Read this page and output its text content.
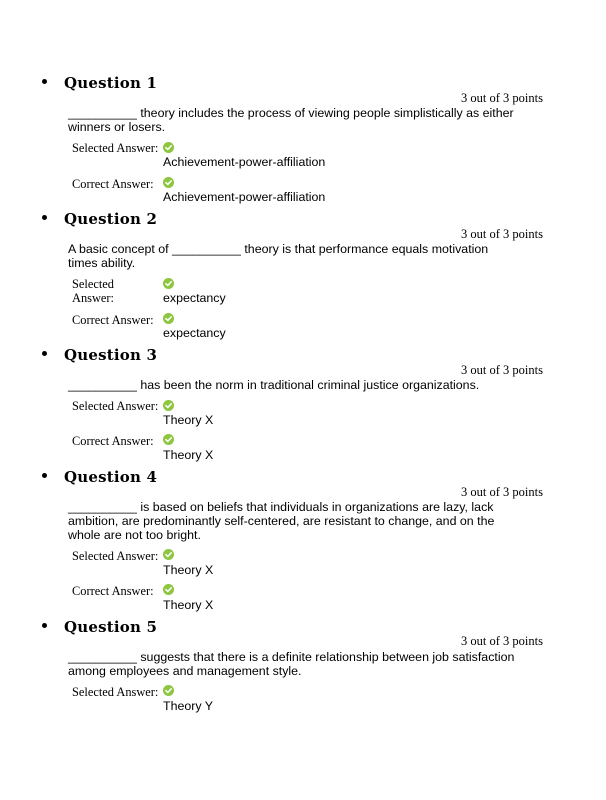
Question 1
3 out of 3 points
__________ theory includes the process of viewing people simplistically as either winners or losers.
Selected Answer:
Achievement-power-affiliation
Correct Answer:
Achievement-power-affiliation
Question 2
3 out of 3 points
A basic concept of __________ theory is that performance equals motivation times ability.
Selected Answer:	expectancy
Correct Answer:
expectancy
Question 3
3 out of 3 points
__________ has been the norm in traditional criminal justice organizations.
Selected Answer:
Theory X
Correct Answer:
Theory X
Question 4
3 out of 3 points
__________ is based on beliefs that individuals in organizations are lazy, lack ambition, are predominantly self-centered, are resistant to change, and on the whole are not too bright.
Selected Answer:
Theory X
Correct Answer:
Theory X
Question 5
3 out of 3 points
__________ suggests that there is a definite relationship between job satisfaction among employees and management style.
Selected Answer:
Theory Y
